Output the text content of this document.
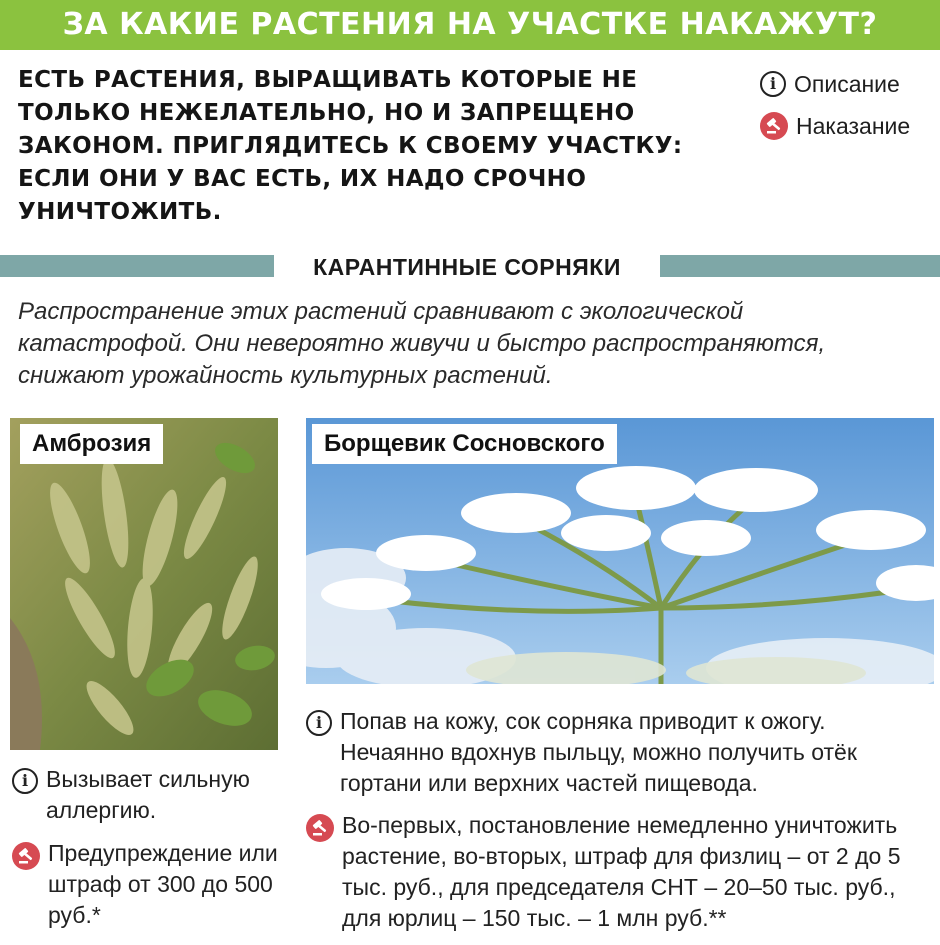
ЗА КАКИЕ РАСТЕНИЯ НА УЧАСТКЕ НАКАЖУТ?
ЕСТЬ РАСТЕНИЯ, ВЫРАЩИВАТЬ КОТОРЫЕ НЕ ТОЛЬКО НЕЖЕЛАТЕЛЬНО, НО И ЗАПРЕЩЕНО ЗАКОНОМ. ПРИГЛЯДИТЕСЬ К СВОЕМУ УЧАСТКУ: ЕСЛИ ОНИ У ВАС ЕСТЬ, ИХ НАДО СРОЧНО УНИЧТОЖИТЬ.
i Описание
Наказание
КАРАНТИННЫЕ СОРНЯКИ
Распространение этих растений сравнивают с экологической катастрофой. Они невероятно живучи и быстро распространяются, снижают урожайность культурных растений.
Амброзия	Борщевик Сосновского
i Вызывает сильную аллергию.
Предупреждение или штраф от 300 до 500 руб.*
i Попав на кожу, сок сорняка приводит к ожогу. Нечаянно вдохнув пыльцу, можно получить отёк гортани или верхних частей пищевода.
Во-первых, постановление немедленно уничтожить растение, во-вторых, штраф для физлиц – от 2 до 5 тыс. руб., для председателя СНТ – 20–50 тыс. руб., для юрлиц – 150 тыс. – 1 млн руб.**
